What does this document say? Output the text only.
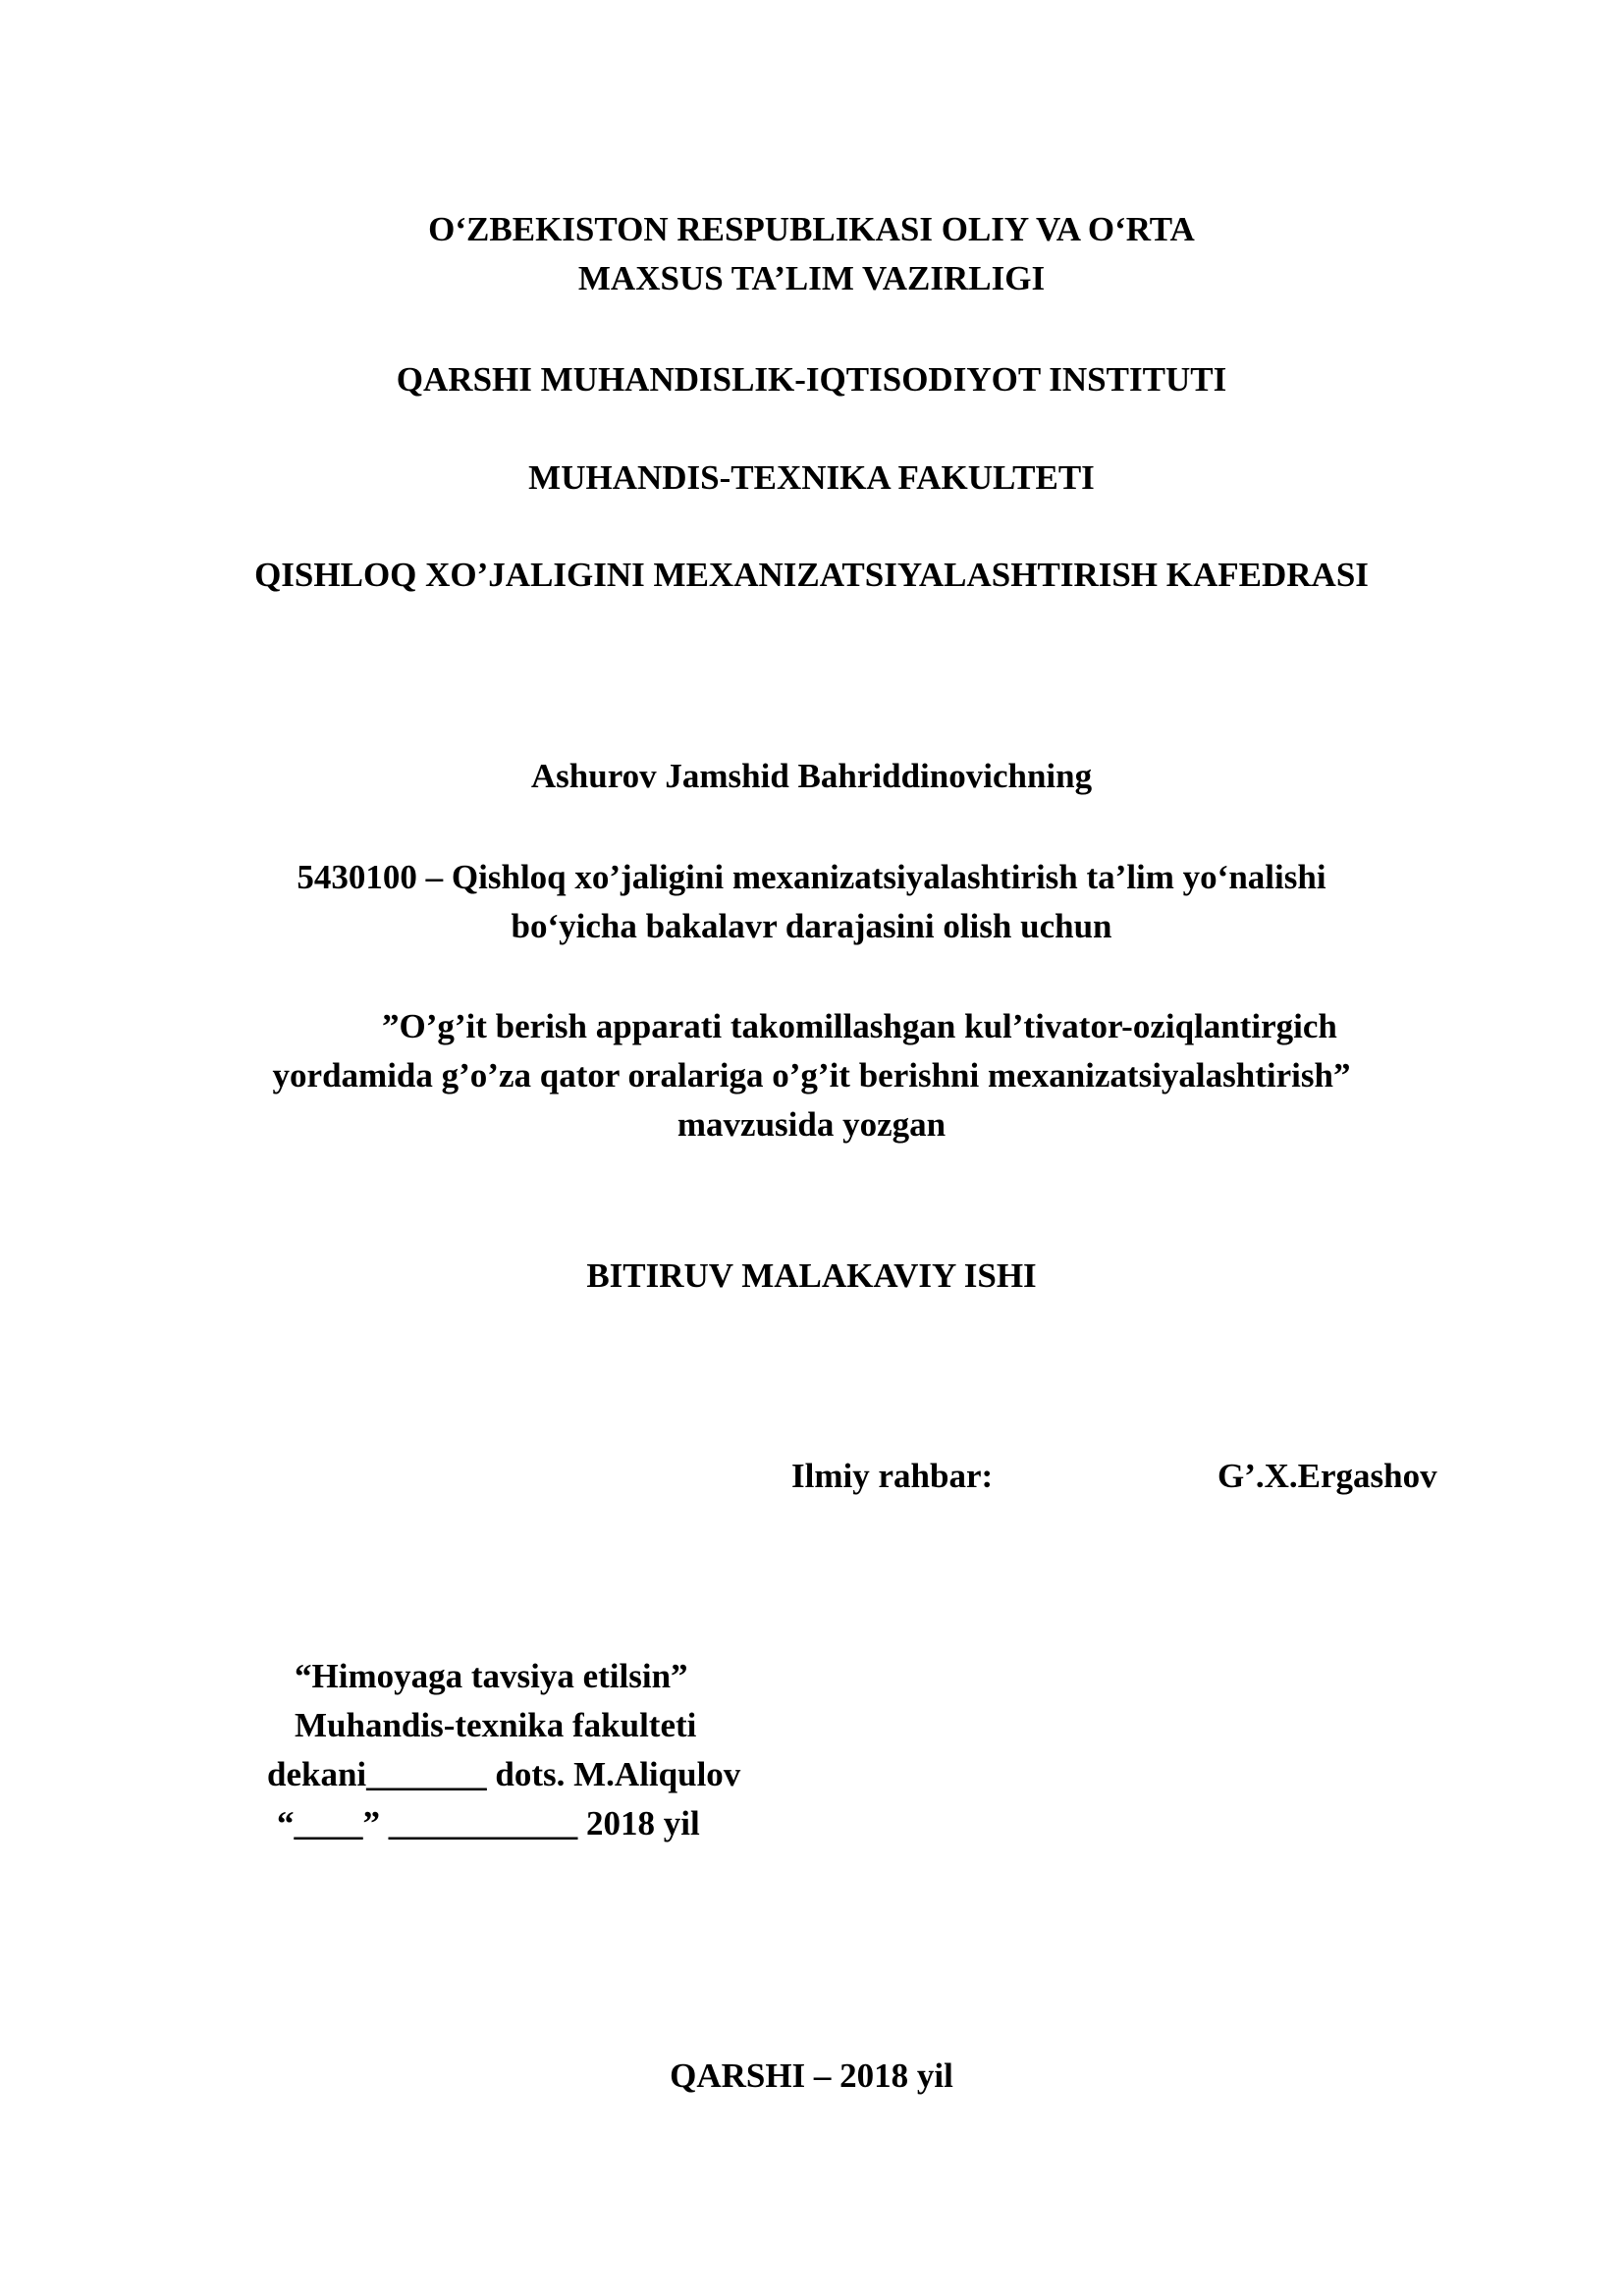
O‘ZBEKISTON RESPUBLIKASI OLIY VA O‘RTA
MAXSUS TA’LIM VAZIRLIGI
QARSHI MUHANDISLIK-IQTISODIYOT INSTITUTI
MUHANDIS-TEXNIKA FAKULTETI
QISHLOQ XO’JALIGINI MEXANIZATSIYALASHTIRISH KAFEDRASI
Ashurov Jamshid Bahriddinovichning
5430100 – Qishloq xo’jaligini mexanizatsiyalashtirish ta’lim yo‘nalishi
bo‘yicha bakalavr darajasini olish uchun
”O’g’it berish apparati takomillashgan kul’tivator-oziqlantirgich
yordamida g’o’za qator oralariga o’g’it berishni mexanizatsiyalashtirish”
mavzusida yozgan
BITIRUV MALAKAVIY ISHI
Ilmiy rahbar:	G’.X.Ergashov
“Himoyaga tavsiya etilsin”
Muhandis-texnika fakulteti
dekani_______ dots. M.Aliqulov
“____” ___________ 2018 yil
QARSHI – 2018 yil
